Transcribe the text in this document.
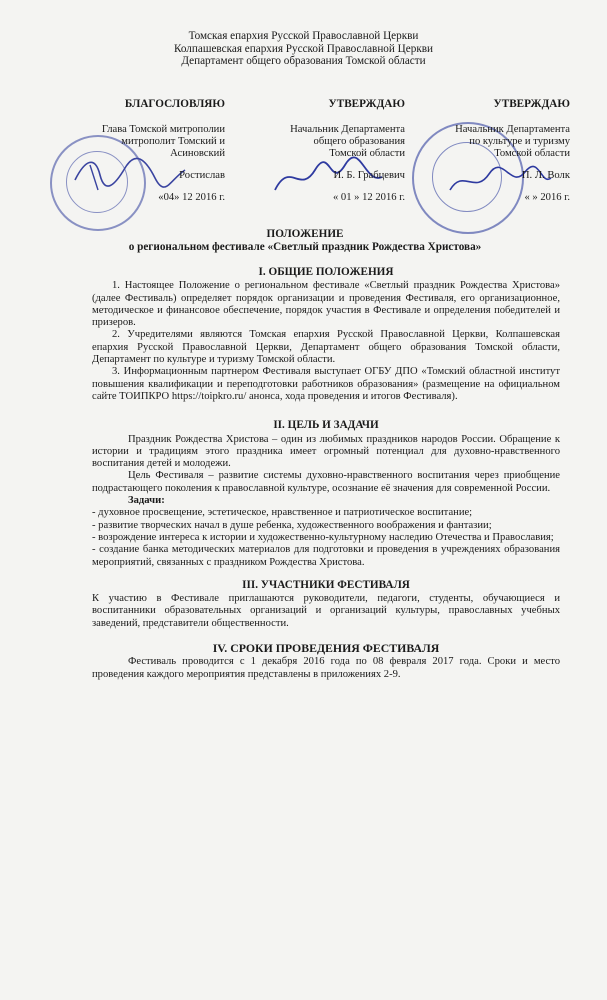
Томская епархия Русской Православной Церкви
Колпашевская епархия Русской Православной Церкви
Департамент общего образования Томской области
БЛАГОСЛОВЛЯЮ
Глава Томской митрополии
митрополит Томский и
Асиновский
Ростислав
«04» 12 2016 г.
УТВЕРЖДАЮ
Начальник Департамента
общего образования
Томской области
И. Б. Грабцевич
« 01 » 12 2016 г.
УТВЕРЖДАЮ
Начальник Департамента
по культуре и туризму
Томской области
П. Л. Волк
« » 2016 г.
ПОЛОЖЕНИЕ
о региональном фестивале «Светлый праздник Рождества Христова»

I. ОБЩИЕ ПОЛОЖЕНИЯ

1. Настоящее Положение о региональном фестивале «Светлый праздник Рождества Христова» (далее Фестиваль) определяет порядок организации и проведения Фестиваля, его организационное, методическое и финансовое обеспечение, порядок участия в Фестивале и определения победителей и призеров.

2. Учредителями являются Томская епархия Русской Православной Церкви, Колпашевская епархия Русской Православной Церкви, Департамент общего образования Томской области, Департамент по культуре и туризму Томской области.

3. Информационным партнером Фестиваля выступает ОГБУ ДПО «Томский областной институт повышения квалификации и переподготовки работников образования» (размещение на официальном сайте ТОИПКРО https://toipkro.ru/ анонса, хода проведения и итогов Фестиваля).

II. ЦЕЛЬ И ЗАДАЧИ

Праздник Рождества Христова – один из любимых праздников народов России. Обращение к истории и традициям этого праздника имеет огромный потенциал для духовно-нравственного воспитания детей и молодежи.

Цель Фестиваля – развитие системы духовно-нравственного воспитания через приобщение подрастающего поколения к православной культуре, осознание её значения для современной России.

Задачи:

- духовное просвещение, эстетическое, нравственное и патриотическое воспитание;

- развитие творческих начал в душе ребенка, художественного воображения и фантазии;

- возрождение интереса к истории и художественно-культурному наследию Отечества и Православия;

- создание банка методических материалов для подготовки и проведения в учреждениях образования мероприятий, связанных с праздником Рождества Христова.

III. УЧАСТНИКИ ФЕСТИВАЛЯ

К участию в Фестивале приглашаются руководители, педагоги, студенты, обучающиеся и воспитанники образовательных организаций и организаций культуры, православных учебных заведений, представители общественности.

IV. СРОКИ ПРОВЕДЕНИЯ ФЕСТИВАЛЯ

Фестиваль проводится с 1 декабря 2016 года по 08 февраля 2017 года. Сроки и место проведения каждого мероприятия представлены в приложениях 2-9.
